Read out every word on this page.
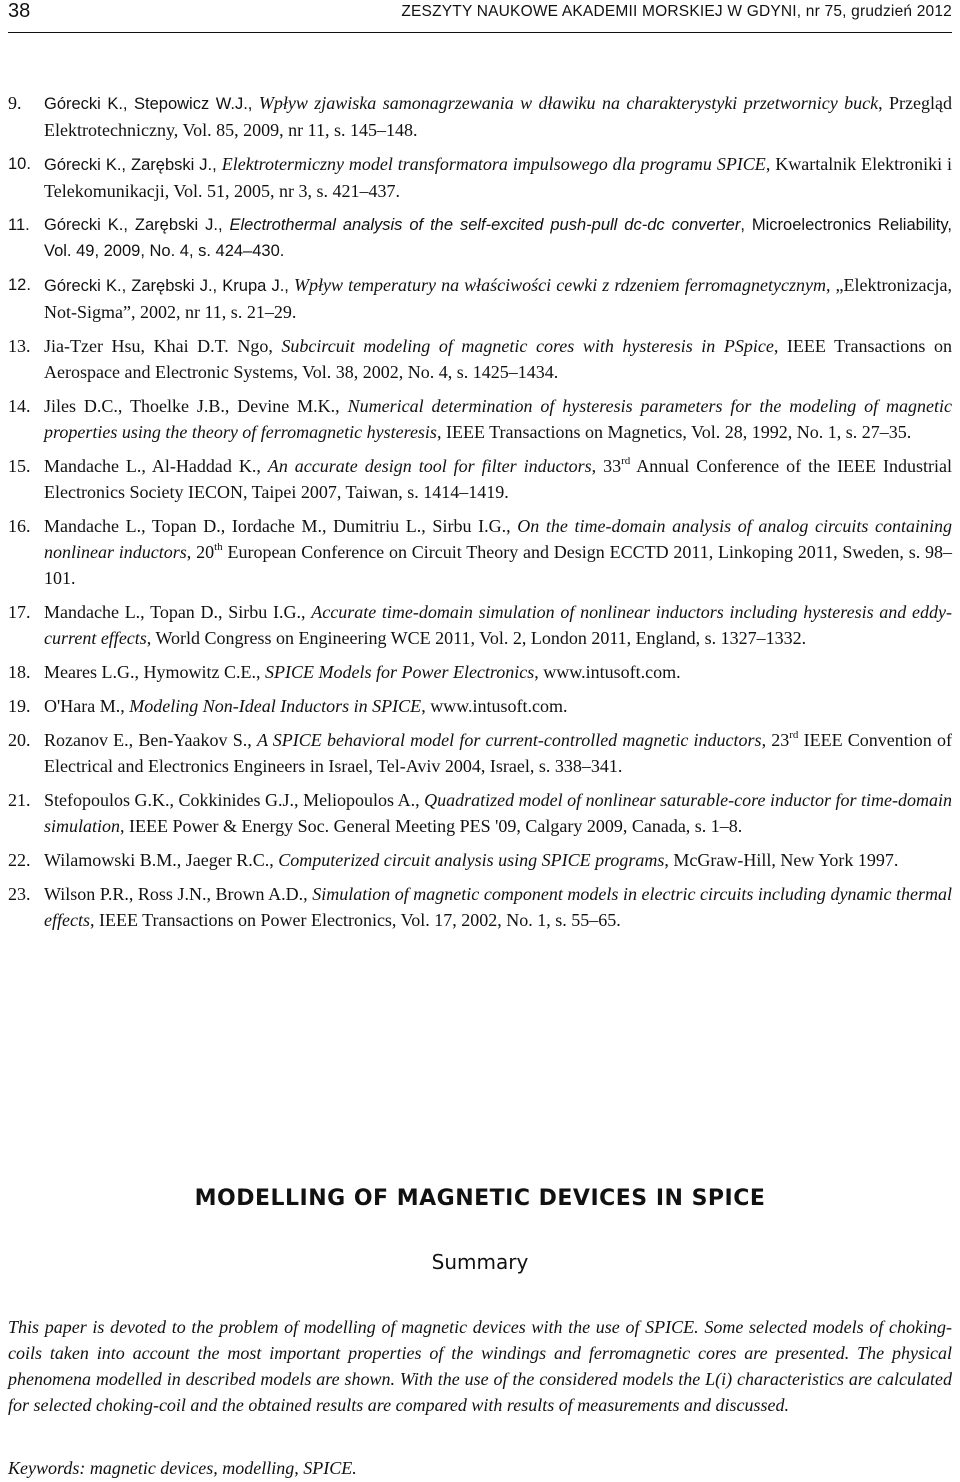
38	ZESZYTY NAUKOWE AKADEMII MORSKIEJ W GDYNI, nr 75, grudzień 2012
9. Górecki K., Stepowicz W.J., Wpływ zjawiska samonagrzewania w dławiku na charakterystyki przetwornicy buck, Przegląd Elektrotechniczny, Vol. 85, 2009, nr 11, s. 145–148.
10. Górecki K., Zarębski J., Elektrotermiczny model transformatora impulsowego dla programu SPICE, Kwartalnik Elektroniki i Telekomunikacji, Vol. 51, 2005, nr 3, s. 421–437.
11. Górecki K., Zarębski J., Electrothermal analysis of the self-excited push-pull dc-dc converter, Microelectronics Reliability, Vol. 49, 2009, No. 4, s. 424–430.
12. Górecki K., Zarębski J., Krupa J., Wpływ temperatury na właściwości cewki z rdzeniem ferromagnetycznym, „Elektronizacja, Not-Sigma”, 2002, nr 11, s. 21–29.
13. Jia-Tzer Hsu, Khai D.T. Ngo, Subcircuit modeling of magnetic cores with hysteresis in PSpice, IEEE Transactions on Aerospace and Electronic Systems, Vol. 38, 2002, No. 4, s. 1425–1434.
14. Jiles D.C., Thoelke J.B., Devine M.K., Numerical determination of hysteresis parameters for the modeling of magnetic properties using the theory of ferromagnetic hysteresis, IEEE Transactions on Magnetics, Vol. 28, 1992, No. 1, s. 27–35.
15. Mandache L., Al-Haddad K., An accurate design tool for filter inductors, 33rd Annual Conference of the IEEE Industrial Electronics Society IECON, Taipei 2007, Taiwan, s. 1414–1419.
16. Mandache L., Topan D., Iordache M., Dumitriu L., Sirbu I.G., On the time-domain analysis of analog circuits containing nonlinear inductors, 20th European Conference on Circuit Theory and Design ECCTD 2011, Linkoping 2011, Sweden, s. 98–101.
17. Mandache L., Topan D., Sirbu I.G., Accurate time-domain simulation of nonlinear inductors including hysteresis and eddy-current effects, World Congress on Engineering WCE 2011, Vol. 2, London 2011, England, s. 1327–1332.
18. Meares L.G., Hymowitz C.E., SPICE Models for Power Electronics, www.intusoft.com.
19. O'Hara M., Modeling Non-Ideal Inductors in SPICE, www.intusoft.com.
20. Rozanov E., Ben-Yaakov S., A SPICE behavioral model for current-controlled magnetic inductors, 23rd IEEE Convention of Electrical and Electronics Engineers in Israel, Tel-Aviv 2004, Israel, s. 338–341.
21. Stefopoulos G.K., Cokkinides G.J., Meliopoulos A., Quadratized model of nonlinear saturable-core inductor for time-domain simulation, IEEE Power & Energy Soc. General Meeting PES '09, Calgary 2009, Canada, s. 1–8.
22. Wilamowski B.M., Jaeger R.C., Computerized circuit analysis using SPICE programs, McGraw-Hill, New York 1997.
23. Wilson P.R., Ross J.N., Brown A.D., Simulation of magnetic component models in electric circuits including dynamic thermal effects, IEEE Transactions on Power Electronics, Vol. 17, 2002, No. 1, s. 55–65.
MODELLING OF MAGNETIC DEVICES IN SPICE
Summary

This paper is devoted to the problem of modelling of magnetic devices with the use of SPICE. Some selected models of choking-coils taken into account the most important properties of the windings and ferromagnetic cores are presented. The physical phenomena modelled in described models are shown. With the use of the considered models the L(i) characteristics are calculated for selected choking-coil and the obtained results are compared with results of measurements and discussed.

Keywords: magnetic devices, modelling, SPICE.
